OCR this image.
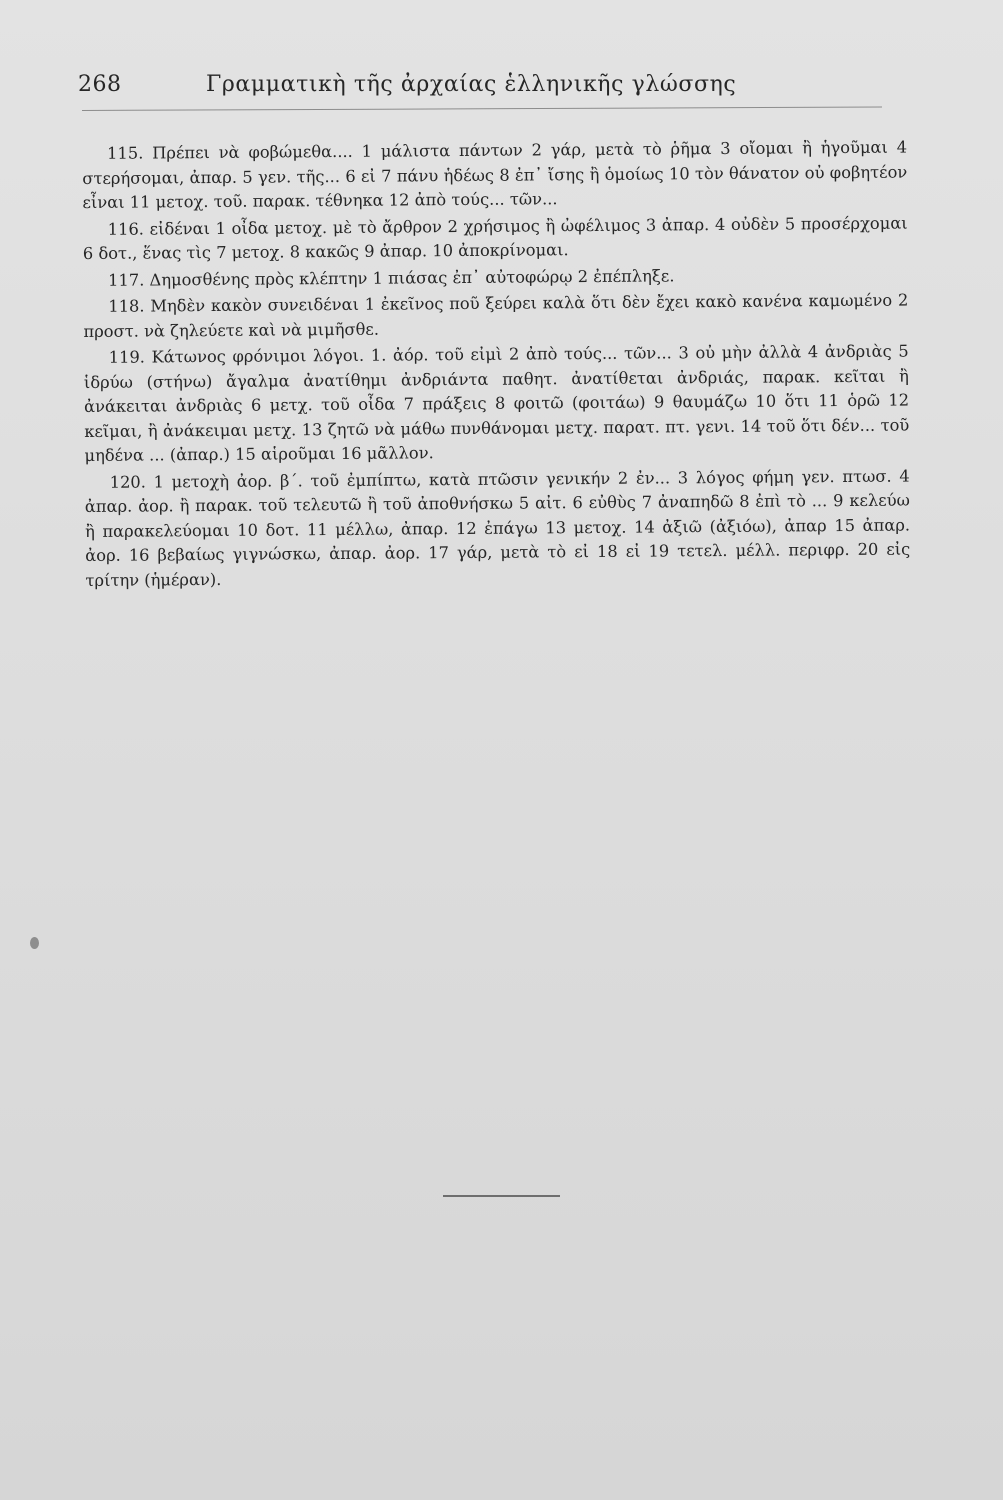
268	Γραμματικὴ τῆς ἀρχαίας ἑλληνικῆς γλώσσης

115. Πρέπει νὰ φοβώμεθα.... 1 μάλιστα πάντων 2 γάρ, μετὰ τὸ ῥῆμα 3 οἴομαι ἢ ἡγοῦμαι 4 στερήσομαι, ἀπαρ. 5 γεν. τῆς... 6 εἰ 7 πάνυ ἡδέως 8 ἐπ᾿ ἴσης ἢ ὁμοίως 10 τὸν θάνατον οὐ φοβητέον εἶναι 11 μετοχ. τοῦ. παρακ. τέθνηκα 12 ἀπὸ τούς... τῶν...

116. εἰδέναι 1 οἶδα μετοχ. μὲ τὸ ἄρθρον 2 χρήσιμος ἢ ὠφέλιμος 3 ἀπαρ. 4 οὐδὲν 5 προσέρχομαι 6 δοτ., ἕνας τὶς 7 μετοχ. 8 κακῶς 9 ἀπαρ. 10 ἀποκρίνομαι.

117. Δημοσθένης πρὸς κλέπτην 1 πιάσας ἐπ᾿ αὐτοφώρῳ 2 ἐπέπληξε.

118. Μηδὲν κακὸν συνειδέναι 1 ἐκεῖνος ποῦ ξεύρει καλὰ ὅτι δὲν ἔχει κακὸ κανένα καμωμένο 2 προστ. νὰ ζηλεύετε καὶ νὰ μιμῆσθε.

119. Κάτωνος φρόνιμοι λόγοι. 1. ἀόρ. τοῦ εἰμὶ 2 ἀπὸ τούς... τῶν... 3 οὐ μὴν ἀλλὰ 4 ἀνδριὰς 5 ἱδρύω (στήνω) ἄγαλμα ἀνατίθημι ἀνδριάντα παθητ. ἀνατίθεται ἀνδριάς, παρακ. κεῖται ἢ ἀνάκειται ἀνδριὰς 6 μετχ. τοῦ οἶδα 7 πράξεις 8 φοιτῶ (φοιτάω) 9 θαυμάζω 10 ὅτι 11 ὁρῶ 12 κεῖμαι, ἢ ἀνάκειμαι μετχ. 13 ζητῶ νὰ μάθω πυνθάνομαι μετχ. παρατ. πτ. γενι. 14 τοῦ ὅτι δέν... τοῦ μηδένα ... (ἀπαρ.) 15 αἱροῦμαι 16 μᾶλλον.

120. 1 μετοχὴ ἀορ. β΄. τοῦ ἐμπίπτω, κατὰ πτῶσιν γενικήν 2 ἐν... 3 λόγος φήμη γεν. πτωσ. 4 ἀπαρ. ἀορ. ἢ παρακ. τοῦ τελευτῶ ἢ τοῦ ἀποθνήσκω 5 αἰτ. 6 εὐθὺς 7 ἀναπηδῶ 8 ἐπὶ τὸ ... 9 κελεύω ἢ παρακελεύομαι 10 δοτ. 11 μέλλω, ἀπαρ. 12 ἐπάγω 13 μετοχ. 14 ἀξιῶ (ἀξιόω), ἀπαρ 15 ἀπαρ. ἀορ. 16 βεβαίως γιγνώσκω, ἀπαρ. ἀορ. 17 γάρ, μετὰ τὸ εἰ 18 εἰ 19 τετελ. μέλλ. περιφρ. 20 εἰς τρίτην (ἡμέραν).
